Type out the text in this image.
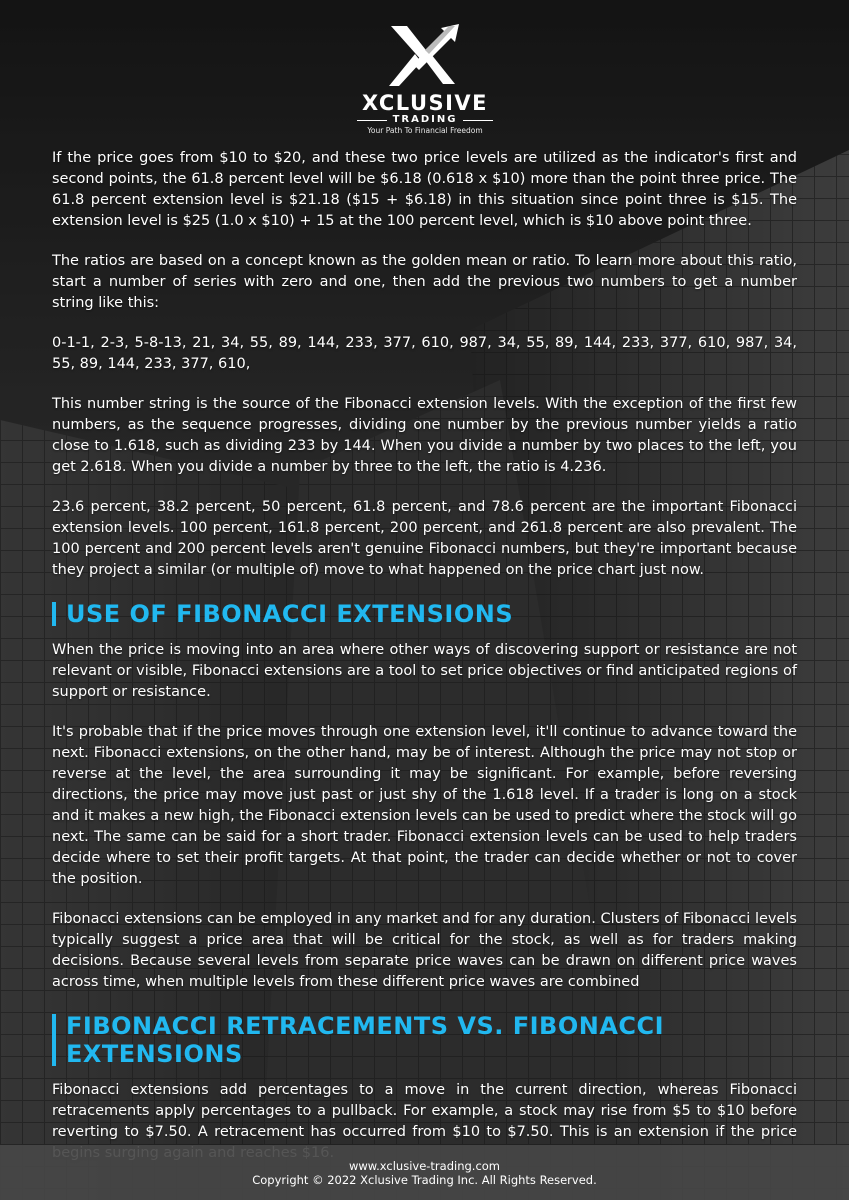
XCLUSIVE
TRADING
Your Path To Financial Freedom

If the price goes from $10 to $20, and these two price levels are utilized as the indicator's first and second points, the 61.8 percent level will be $6.18 (0.618 x $10) more than the point three price. The 61.8 percent extension level is $21.18 ($15 + $6.18) in this situation since point three is $15. The extension level is $25 (1.0 x $10) + 15 at the 100 percent level, which is $10 above point three.

The ratios are based on a concept known as the golden mean or ratio. To learn more about this ratio, start a number of series with zero and one, then add the previous two numbers to get a number string like this:

0-1-1, 2-3, 5-8-13, 21, 34, 55, 89, 144, 233, 377, 610, 987, 34, 55, 89, 144, 233, 377, 610, 987, 34, 55, 89, 144, 233, 377, 610,

This number string is the source of the Fibonacci extension levels. With the exception of the first few numbers, as the sequence progresses, dividing one number by the previous number yields a ratio close to 1.618, such as dividing 233 by 144. When you divide a number by two places to the left, you get 2.618. When you divide a number by three to the left, the ratio is 4.236.

23.6 percent, 38.2 percent, 50 percent, 61.8 percent, and 78.6 percent are the important Fibonacci extension levels. 100 percent, 161.8 percent, 200 percent, and 261.8 percent are also prevalent. The 100 percent and 200 percent levels aren't genuine Fibonacci numbers, but they're important because they project a similar (or multiple of) move to what happened on the price chart just now.

USE OF FIBONACCI EXTENSIONS

When the price is moving into an area where other ways of discovering support or resistance are not relevant or visible, Fibonacci extensions are a tool to set price objectives or find anticipated regions of support or resistance.

It's probable that if the price moves through one extension level, it'll continue to advance toward the next. Fibonacci extensions, on the other hand, may be of interest. Although the price may not stop or reverse at the level, the area surrounding it may be significant. For example, before reversing directions, the price may move just past or just shy of the 1.618 level. If a trader is long on a stock and it makes a new high, the Fibonacci extension levels can be used to predict where the stock will go next. The same can be said for a short trader. Fibonacci extension levels can be used to help traders decide where to set their profit targets. At that point, the trader can decide whether or not to cover the position.

Fibonacci extensions can be employed in any market and for any duration. Clusters of Fibonacci levels typically suggest a price area that will be critical for the stock, as well as for traders making decisions. Because several levels from separate price waves can be drawn on different price waves across time, when multiple levels from these different price waves are combined

FIBONACCI RETRACEMENTS VS. FIBONACCI EXTENSIONS

Fibonacci extensions add percentages to a move in the current direction, whereas Fibonacci retracements apply percentages to a pullback. For example, a stock may rise from $5 to $10 before reverting to $7.50. A retracement has occurred from $10 to $7.50. This is an extension if the price

www.xclusive-trading.com
Copyright © 2022 Xclusive Trading Inc. All Rights Reserved.
